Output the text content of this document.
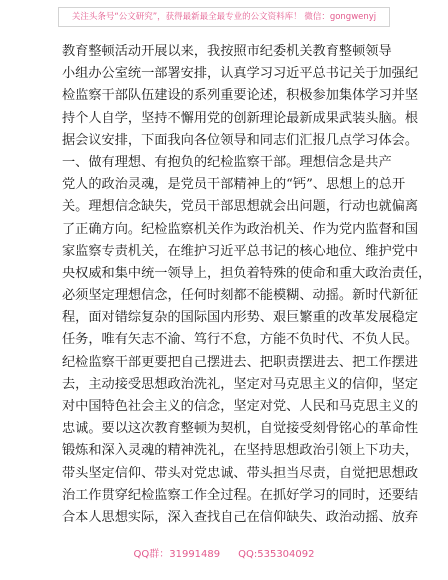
关注头条号“公文研究”，获得最新最全最专业的公文资料库！ 微信：gongwenyj
教育整顿活动开展以来，我按照市纪委机关教育整顿领导
小组办公室统一部署安排，认真学习习近平总书记关于加强纪
检监察干部队伍建设的系列重要论述，积极参加集体学习并坚
持个人自学，坚持不懈用党的创新理论最新成果武装头脑。根
据会议安排，下面我向各位领导和同志们汇报几点学习体会。
一、做有理想、有抱负的纪检监察干部。理想信念是共产
党人的政治灵魂，是党员干部精神上的“钙”、思想上的总开
关。理想信念缺失，党员干部思想就会出问题，行动也就偏离
了正确方向。纪检监察机关作为政治机关、作为党内监督和国
家监察专责机关，在维护习近平总书记的核心地位、维护党中
央权威和集中统一领导上，担负着特殊的使命和重大政治责任，
必须坚定理想信念，任何时刻都不能模糊、动摇。新时代新征
程，面对错综复杂的国际国内形势、艰巨繁重的改革发展稳定
任务，唯有矢志不渝、笃行不怠，方能不负时代、不负人民。
纪检监察干部更要把自己摆进去、把职责摆进去、把工作摆进
去，主动接受思想政治洗礼，坚定对马克思主义的信仰，坚定
对中国特色社会主义的信念，坚定对党、人民和马克思主义的
忠诚。要以这次教育整顿为契机，自觉接受刻骨铭心的革命性
锻炼和深入灵魂的精神洗礼，在坚持思想政治引领上下功夫，
带头坚定信仰、带头对党忠诚、带头担当尽责，自觉把思想政
治工作贯穿纪检监察工作全过程。在抓好学习的同时，还要结
合本人思想实际，深入查找自己在信仰缺失、政治动摇、放弃
QQ群：31991489 QQ:535304092
